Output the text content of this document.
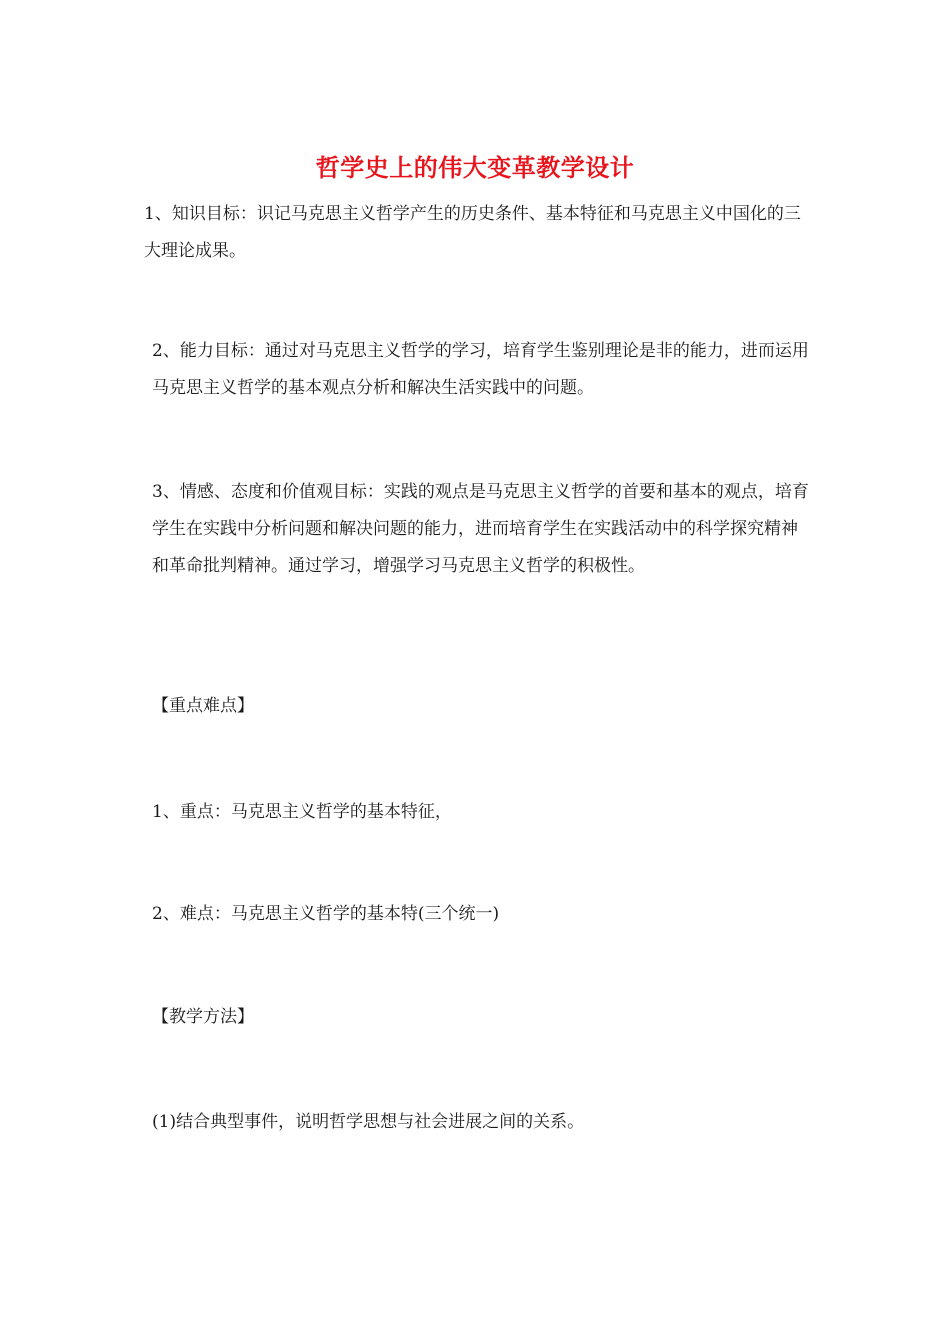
哲学史上的伟大变革教学设计

1、知识目标：识记马克思主义哲学产生的历史条件、基本特征和马克思主义中国化的三大理论成果。

2、能力目标：通过对马克思主义哲学的学习，培育学生鉴别理论是非的能力，进而运用马克思主义哲学的基本观点分析和解决生活实践中的问题。

3、情感、态度和价值观目标：实践的观点是马克思主义哲学的首要和基本的观点，培育学生在实践中分析问题和解决问题的能力，进而培育学生在实践活动中的科学探究精神和革命批判精神。通过学习，增强学习马克思主义哲学的积极性。

【重点难点】
1、重点：马克思主义哲学的基本特征，
2、难点：马克思主义哲学的基本特(三个统一)
【教学方法】
(1)结合典型事件，说明哲学思想与社会进展之间的关系。
